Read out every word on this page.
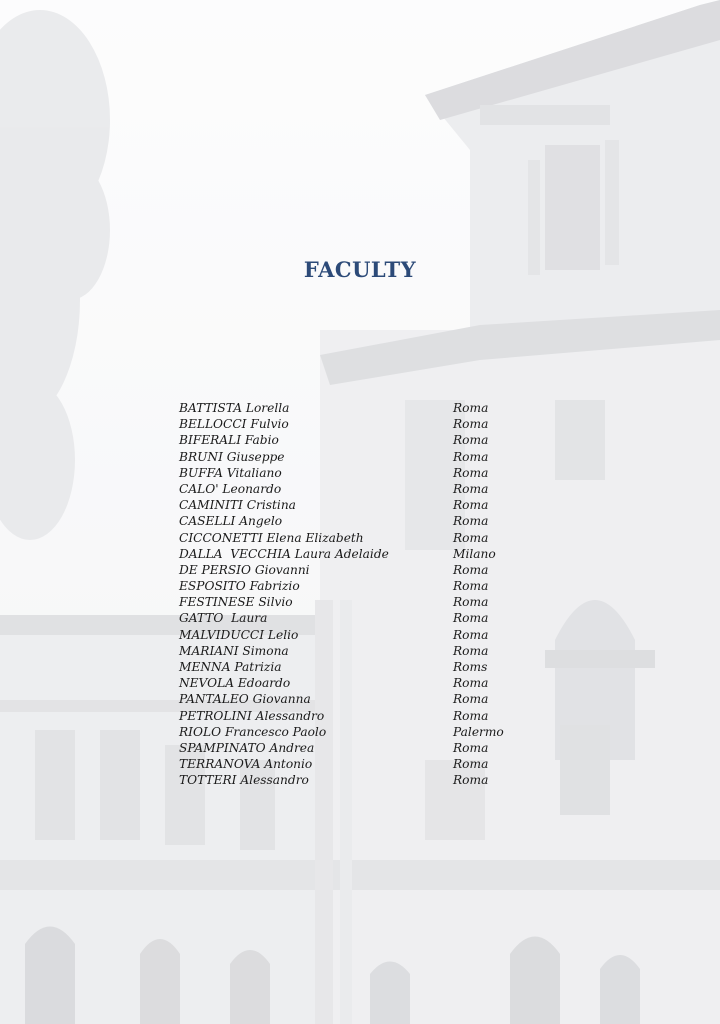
FACULTY
BATTISTA Lorella	Roma
BELLOCCI Fulvio	Roma
BIFERALI Fabio	Roma
BRUNI Giuseppe	Roma
BUFFA Vitaliano	Roma
CALO' Leonardo	Roma
CAMINITI Cristina	Roma
CASELLI Angelo	Roma
CICCONETTI Elena Elizabeth	Roma
DALLA  VECCHIA Laura Adelaide	Milano
DE PERSIO Giovanni	Roma
ESPOSITO Fabrizio	Roma
FESTINESE Silvio	Roma
GATTO  Laura	Roma
MALVIDUCCI Lelio	Roma
MARIANI Simona	Roma
MENNA Patrizia	Roms
NEVOLA Edoardo	Roma
PANTALEO Giovanna	Roma
PETROLINI Alessandro	Roma
RIOLO Francesco Paolo	Palermo
SPAMPINATO Andrea	Roma
TERRANOVA Antonio	Roma
TOTTERI Alessandro	Roma
